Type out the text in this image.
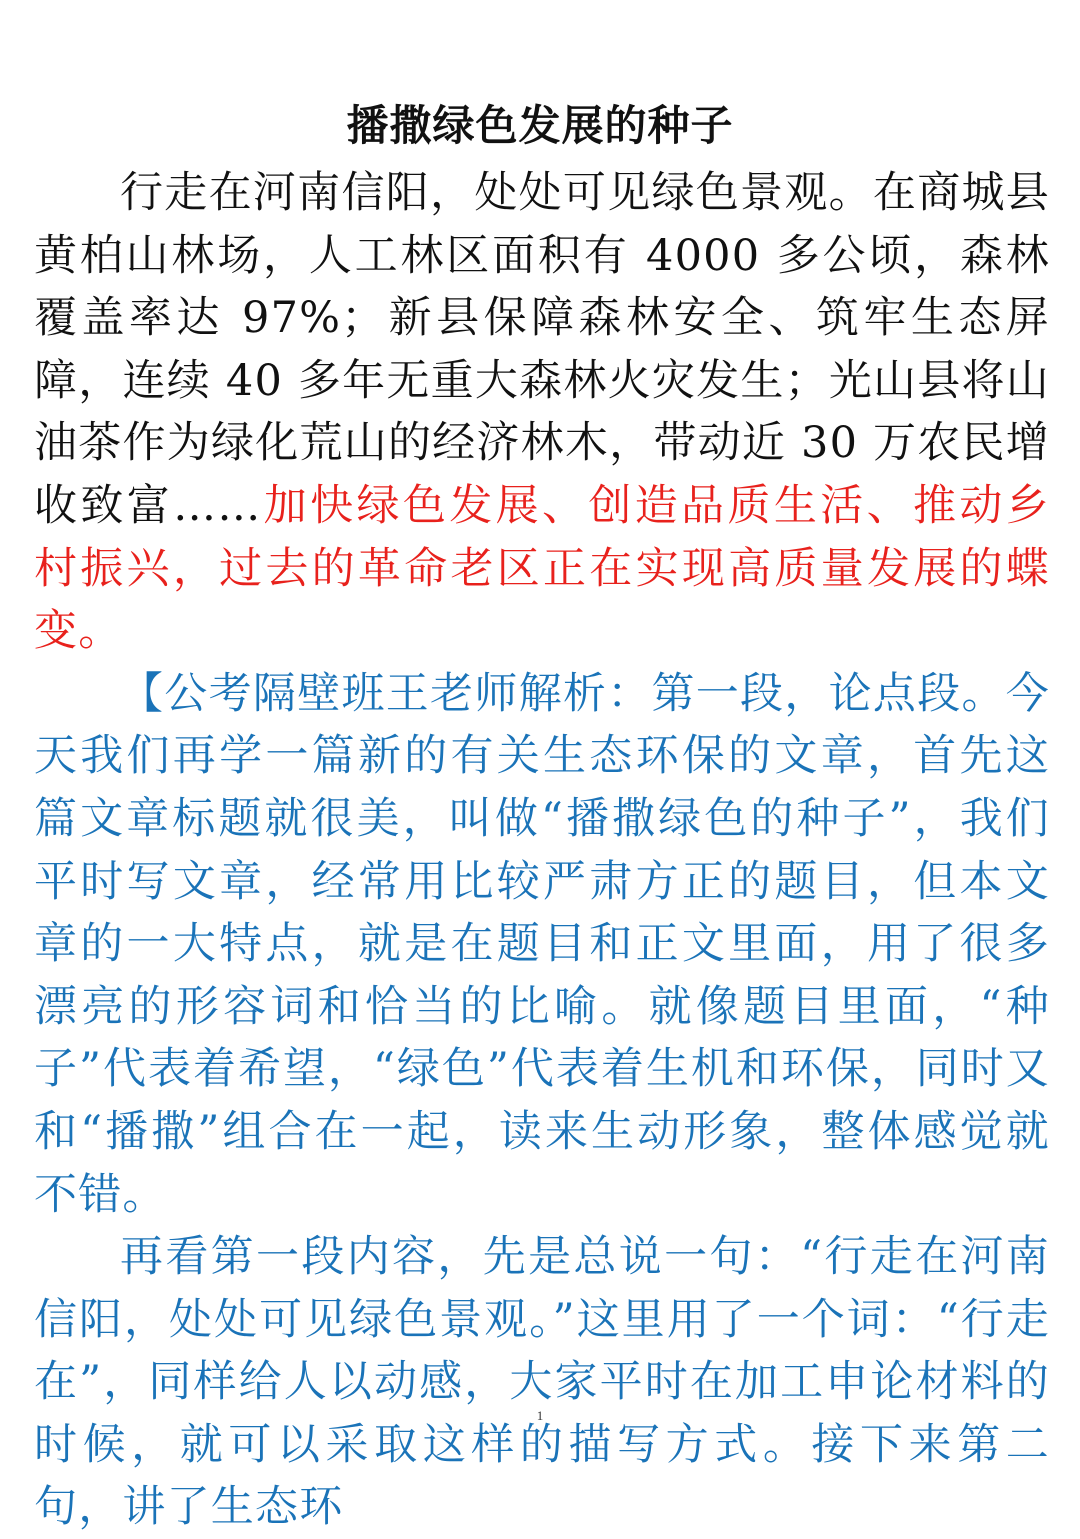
播撒绿色发展的种子

行走在河南信阳，处处可见绿色景观。在商城县黄柏山林场，人工林区面积有 4000 多公顷，森林覆盖率达 97%；新县保障森林安全、筑牢生态屏障，连续 40 多年无重大森林火灾发生；光山县将山油茶作为绿化荒山的经济林木，带动近 30 万农民增收致富……加快绿色发展、创造品质生活、推动乡村振兴，过去的革命老区正在实现高质量发展的蝶变。

【公考隔壁班王老师解析：第一段，论点段。今天我们再学一篇新的有关生态环保的文章，首先这篇文章标题就很美，叫做“播撒绿色的种子”，我们平时写文章，经常用比较严肃方正的题目，但本文章的一大特点，就是在题目和正文里面，用了很多漂亮的形容词和恰当的比喻。就像题目里面，“种子”代表着希望，“绿色”代表着生机和环保，同时又和“播撒”组合在一起，读来生动形象，整体感觉就不错。

再看第一段内容，先是总说一句：“行走在河南信阳，处处可见绿色景观。”这里用了一个词：“行走在”，同样给人以动感，大家平时在加工申论材料的时候，就可以采取这样的描写方式。接下来第二句，讲了生态环

1
